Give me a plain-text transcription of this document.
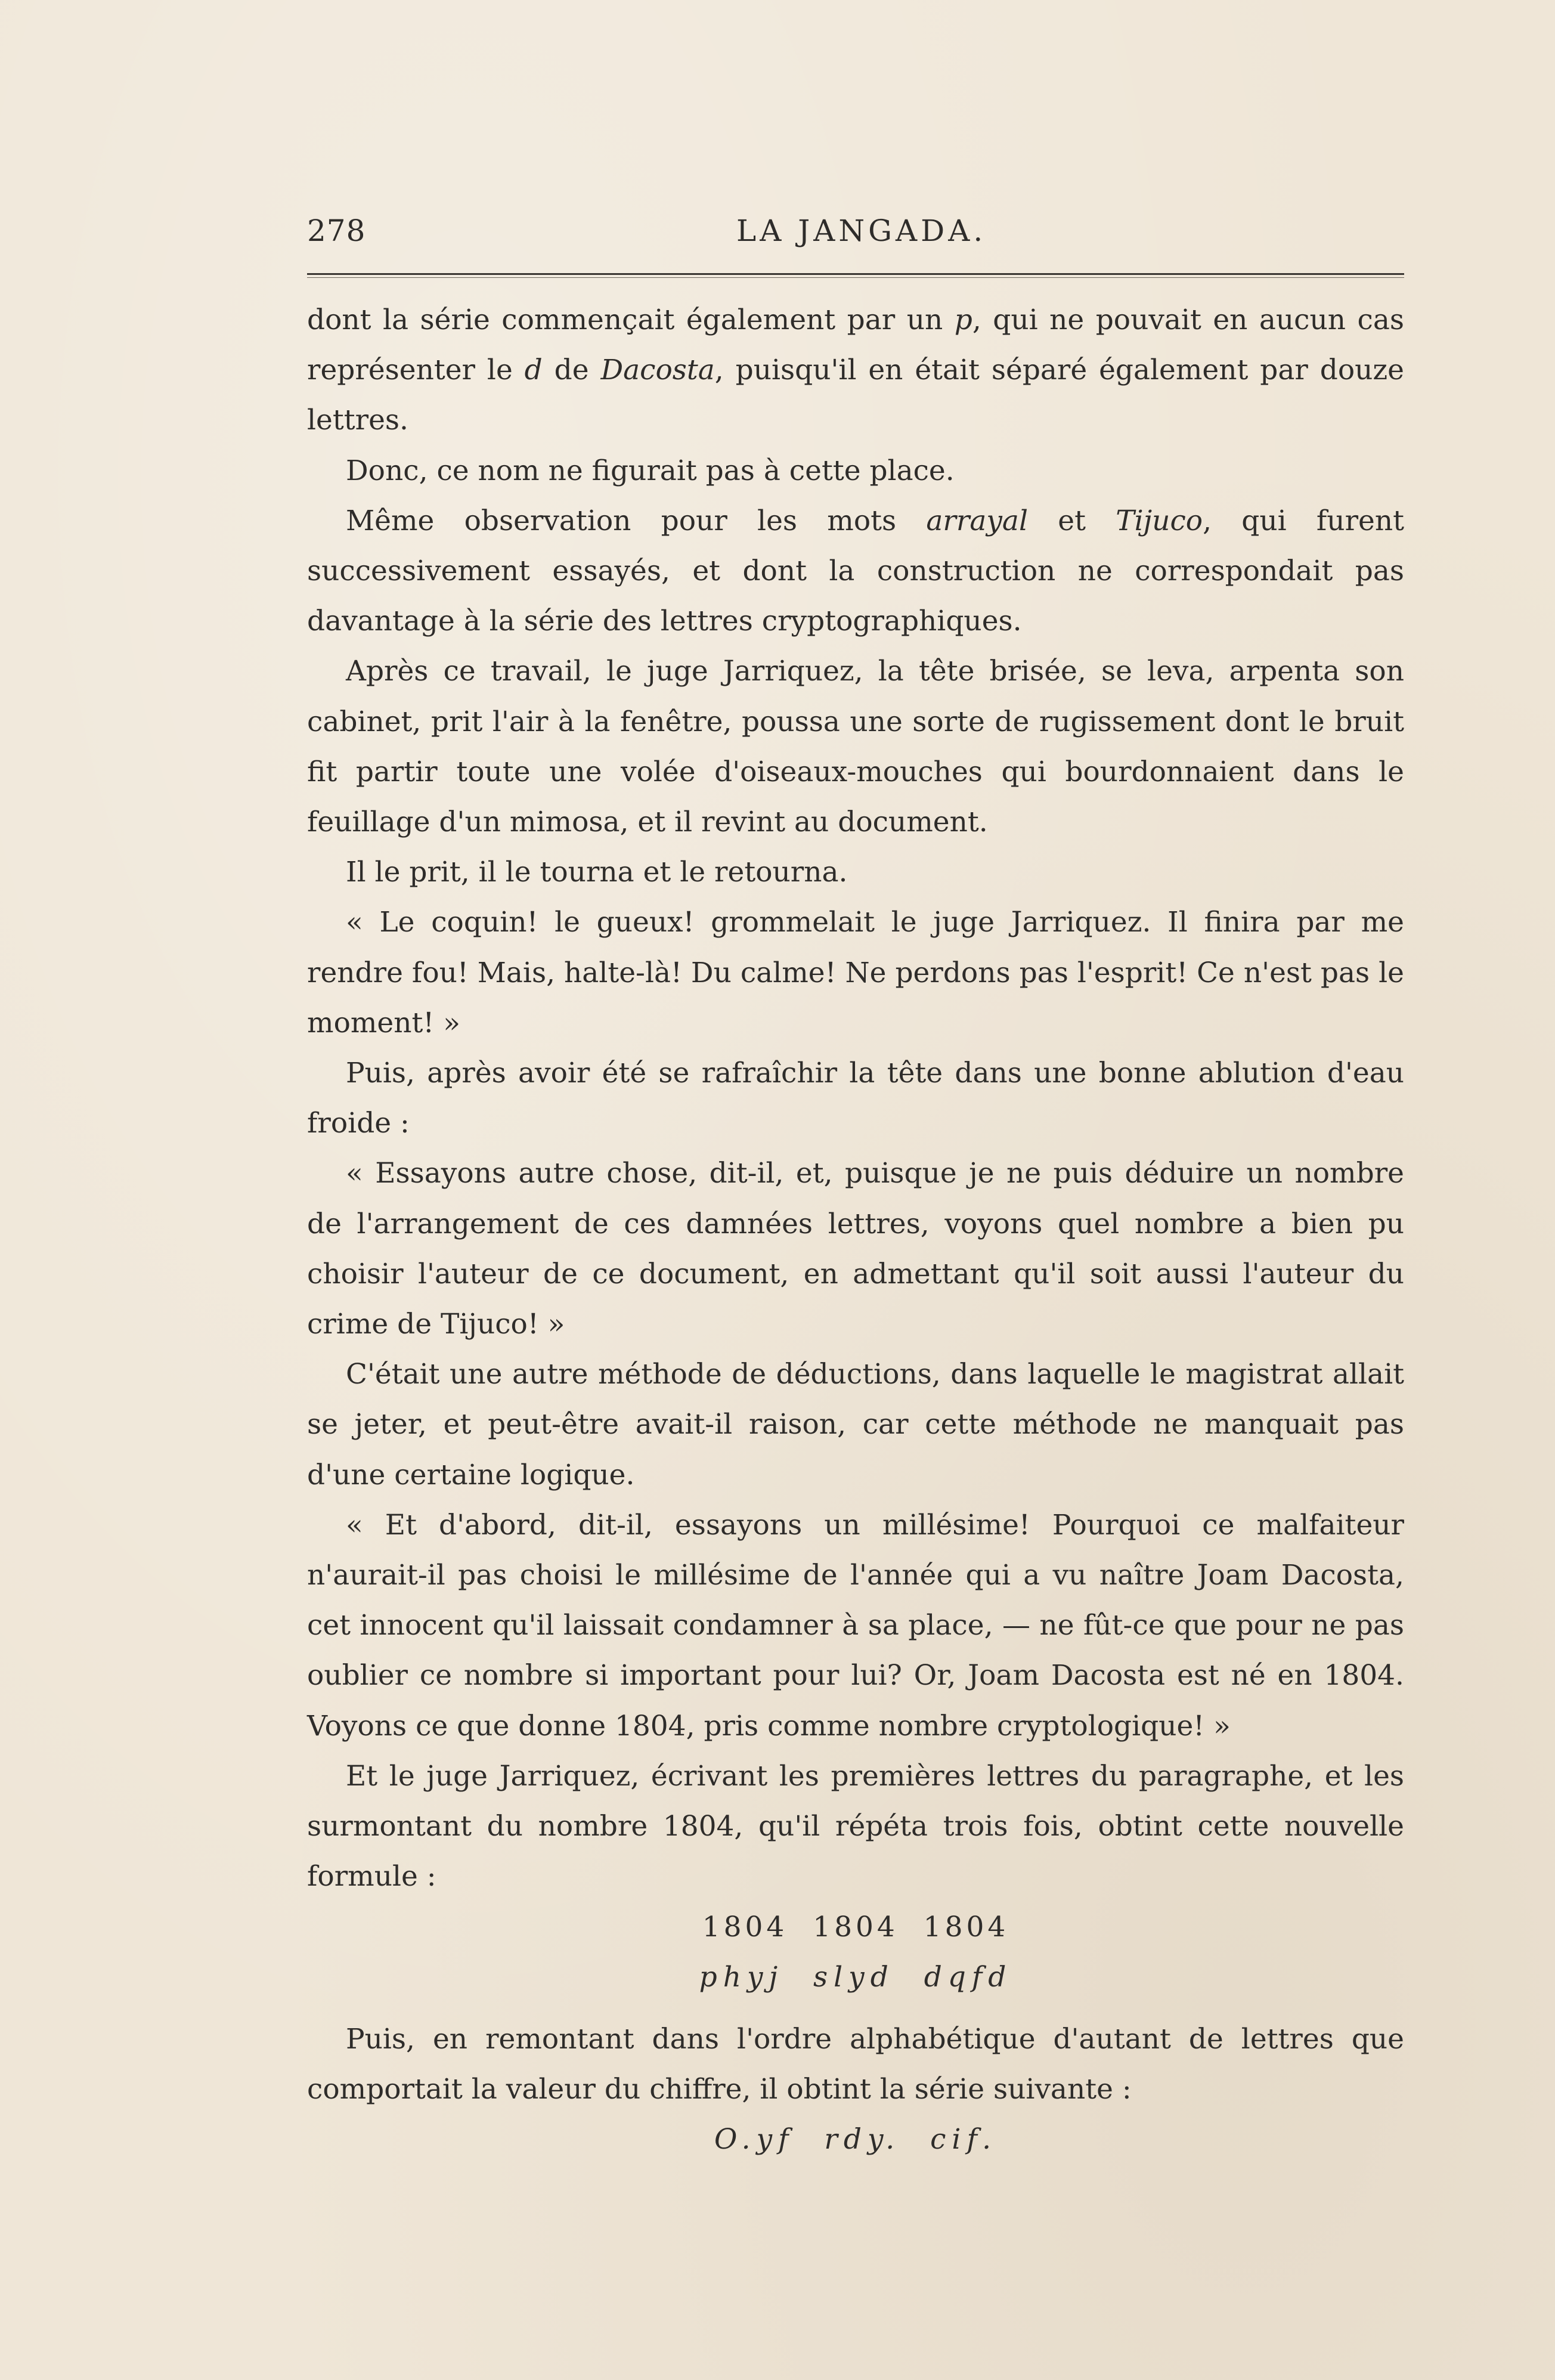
278	LA JANGADA.

dont la série commençait également par un p, qui ne pouvait en aucun cas représenter le d de Dacosta, puisqu'il en était séparé également par douze lettres.

Donc, ce nom ne figurait pas à cette place.

Même observation pour les mots arrayal et Tijuco, qui furent successivement essayés, et dont la construction ne correspondait pas davantage à la série des lettres cryptographiques.

Après ce travail, le juge Jarriquez, la tête brisée, se leva, arpenta son cabinet, prit l'air à la fenêtre, poussa une sorte de rugissement dont le bruit fit partir toute une volée d'oiseaux-mouches qui bourdonnaient dans le feuillage d'un mimosa, et il revint au document.

Il le prit, il le tourna et le retourna.

« Le coquin! le gueux! grommelait le juge Jarriquez. Il finira par me rendre fou! Mais, halte-là! Du calme! Ne perdons pas l'esprit! Ce n'est pas le moment! »

Puis, après avoir été se rafraîchir la tête dans une bonne ablution d'eau froide :

« Essayons autre chose, dit-il, et, puisque je ne puis déduire un nombre de l'arrangement de ces damnées lettres, voyons quel nombre a bien pu choisir l'auteur de ce document, en admettant qu'il soit aussi l'auteur du crime de Tijuco! »

C'était une autre méthode de déductions, dans laquelle le magistrat allait se jeter, et peut-être avait-il raison, car cette méthode ne manquait pas d'une certaine logique.

« Et d'abord, dit-il, essayons un millésime! Pourquoi ce malfaiteur n'aurait-il pas choisi le millésime de l'année qui a vu naître Joam Dacosta, cet innocent qu'il laissait condamner à sa place, — ne fût-ce que pour ne pas oublier ce nombre si important pour lui? Or, Joam Dacosta est né en 1804. Voyons ce que donne 1804, pris comme nombre cryptologique! »

Et le juge Jarriquez, écrivant les premières lettres du paragraphe, et les surmontant du nombre 1804, qu'il répéta trois fois, obtint cette nouvelle formule :

1804  1804  1804

phyj  slyd  dqfd

Puis, en remontant dans l'ordre alphabétique d'autant de lettres que comportait la valeur du chiffre, il obtint la série suivante :

O.yf  rdy.  cif.
